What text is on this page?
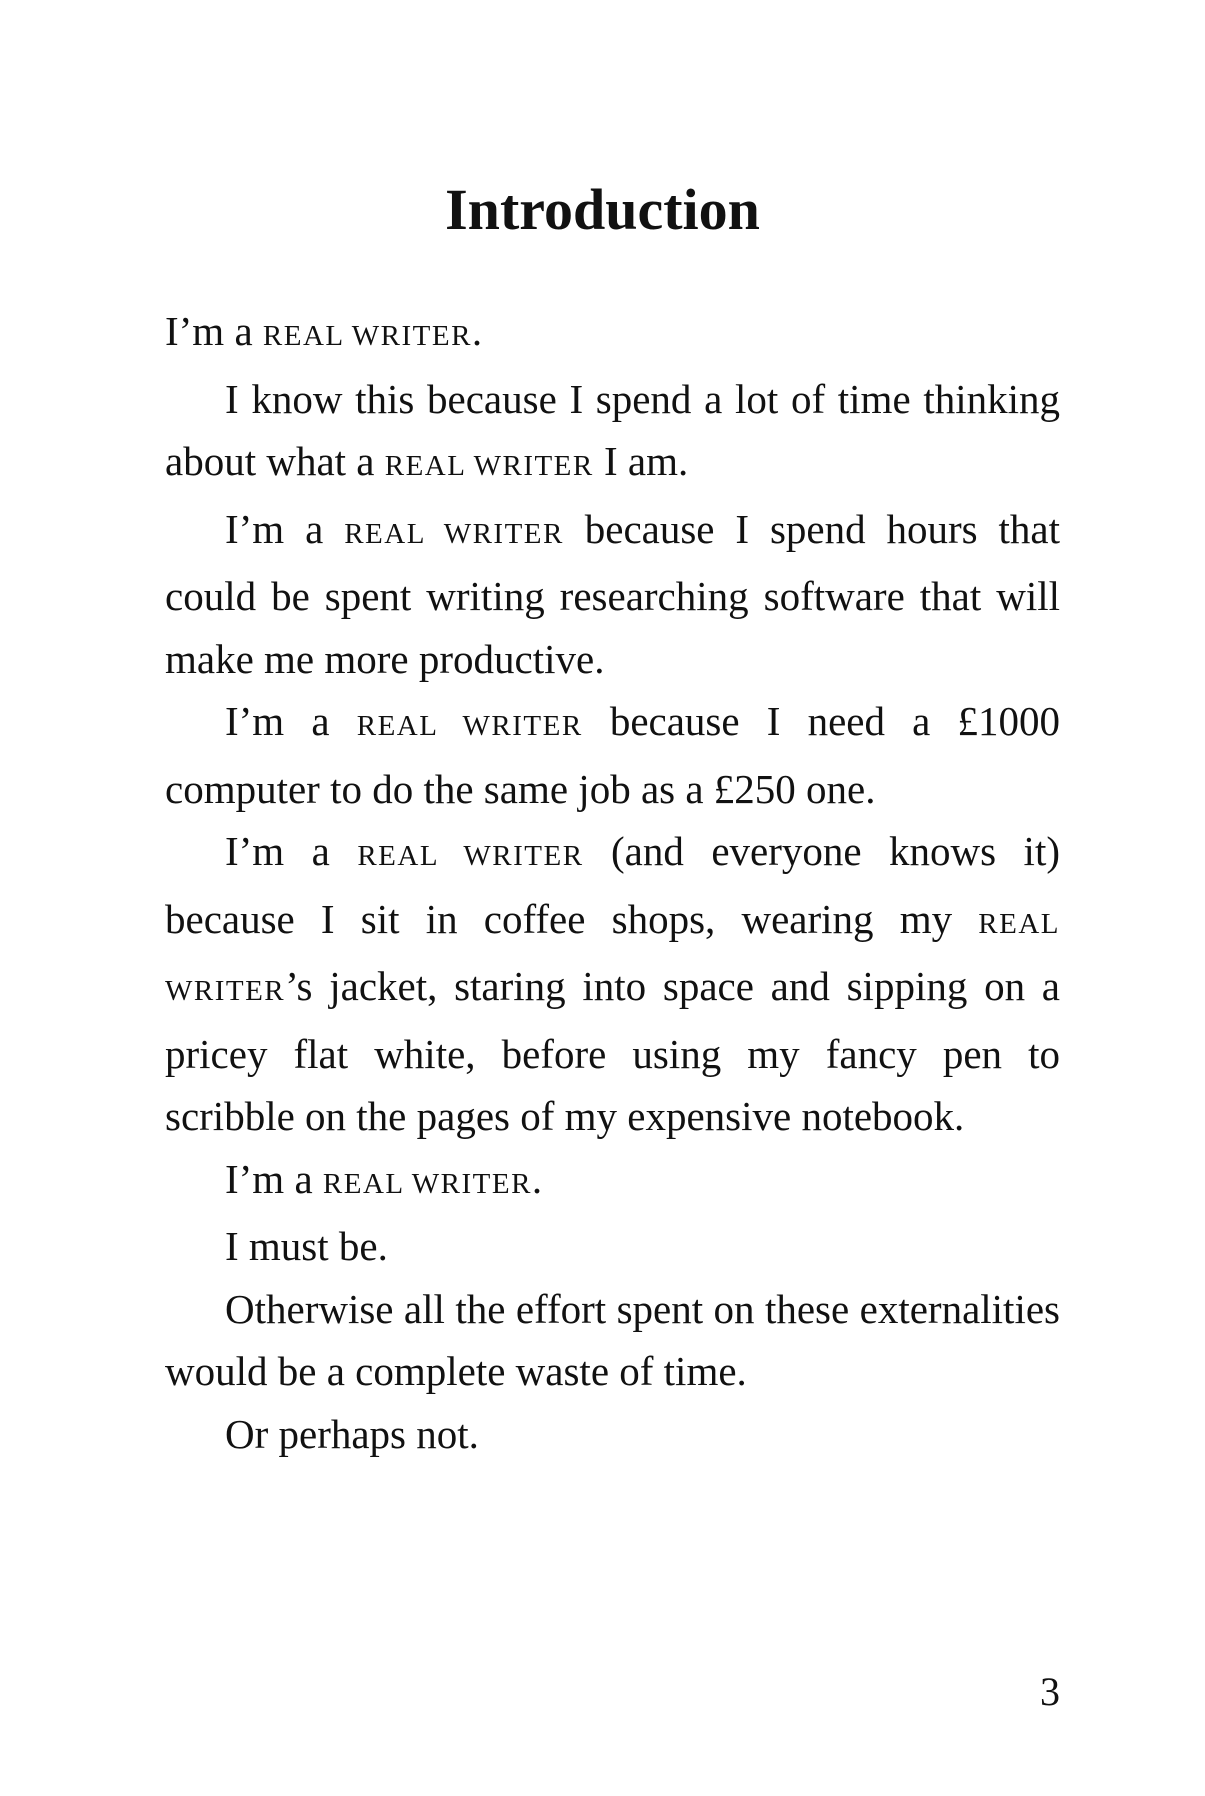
Introduction

I’m a REAL WRITER.

I know this because I spend a lot of time thinking about what a REAL WRITER I am.

I’m a REAL WRITER because I spend hours that could be spent writing researching software that will make me more productive.

I’m a REAL WRITER because I need a £1000 computer to do the same job as a £250 one.

I’m a REAL WRITER (and everyone knows it) because I sit in coffee shops, wearing my REAL WRITER’s jacket, staring into space and sipping on a pricey flat white, before using my fancy pen to scribble on the pages of my expensive notebook.

I’m a REAL WRITER.

I must be.

Otherwise all the effort spent on these externalities would be a complete waste of time.

Or perhaps not.

3
